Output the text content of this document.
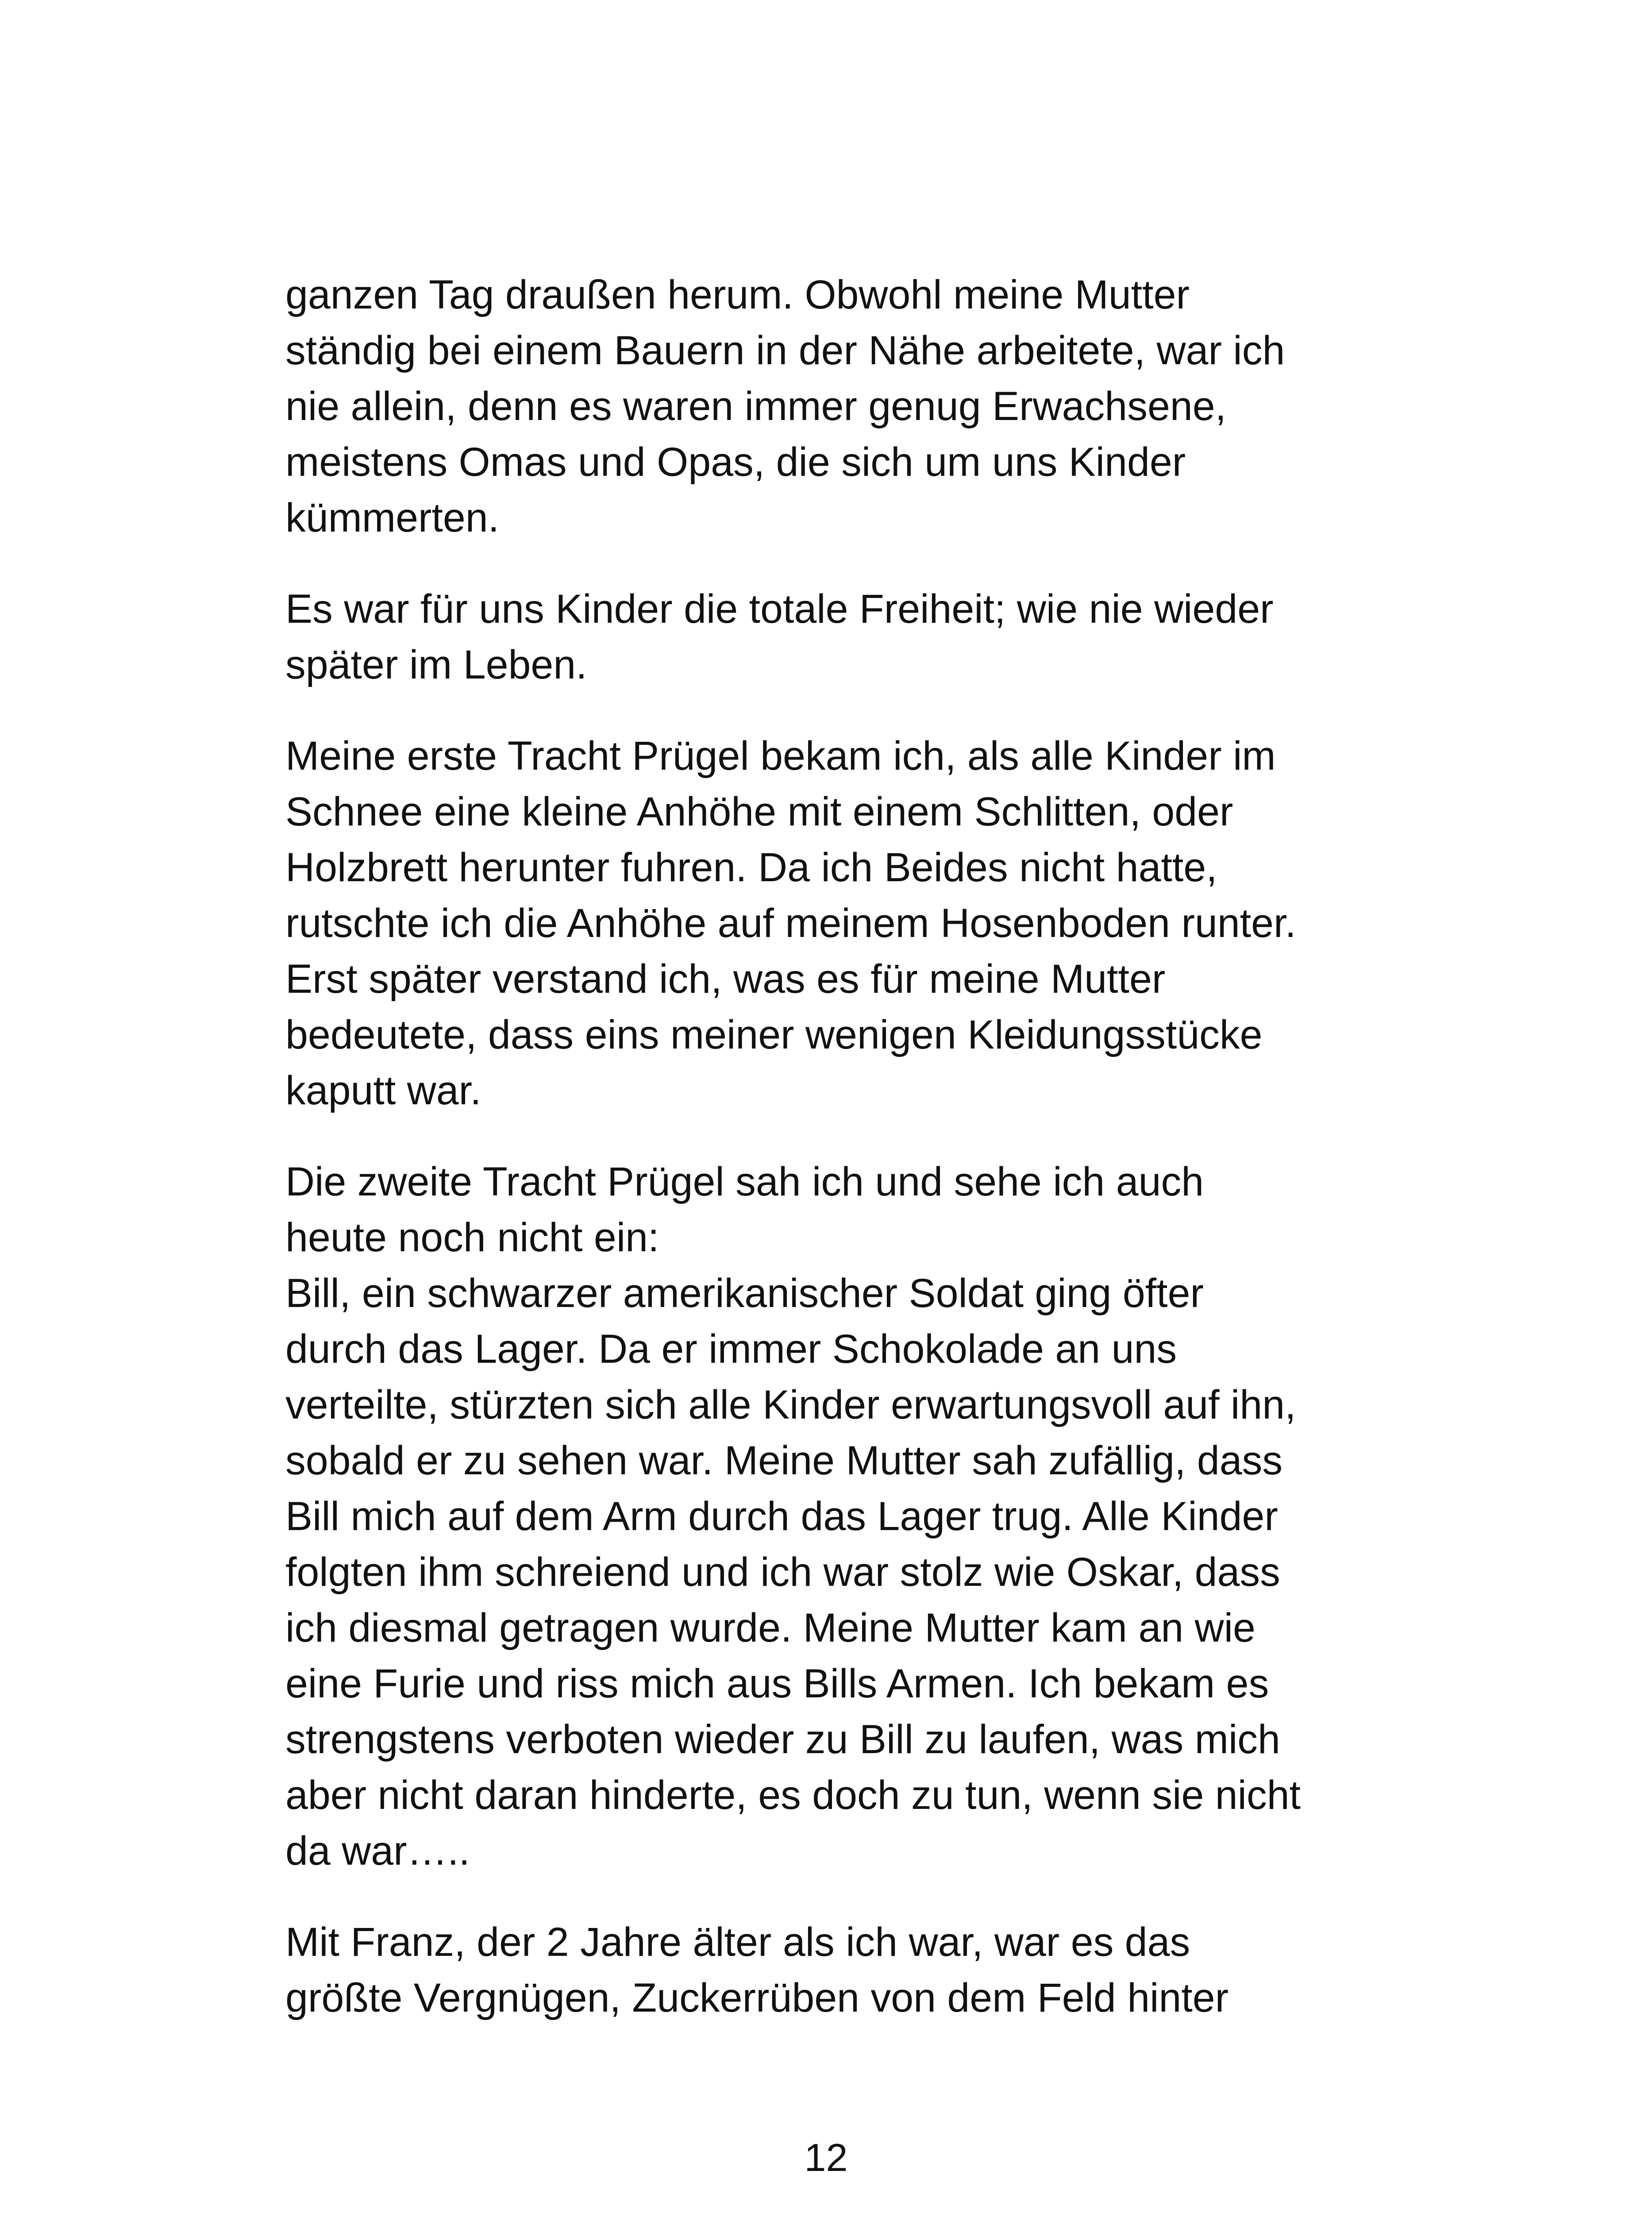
ganzen Tag draußen herum. Obwohl meine Mutter
ständig bei einem Bauern in der Nähe arbeitete, war ich
nie allein, denn es waren immer genug Erwachsene,
meistens Omas und Opas, die sich um uns Kinder
kümmerten.

Es war für uns Kinder die totale Freiheit; wie nie wieder
später im Leben.

Meine erste Tracht Prügel bekam ich, als alle Kinder im
Schnee eine kleine Anhöhe mit einem Schlitten, oder
Holzbrett herunter fuhren. Da ich Beides nicht hatte,
rutschte ich die Anhöhe auf meinem Hosenboden runter.
Erst später verstand ich, was es für meine Mutter
bedeutete, dass eins meiner wenigen Kleidungsstücke
kaputt war.

Die zweite Tracht Prügel sah ich und sehe ich auch
heute noch nicht ein:
Bill, ein schwarzer amerikanischer Soldat ging öfter
durch das Lager. Da er immer Schokolade an uns
verteilte, stürzten sich alle Kinder erwartungsvoll auf ihn,
sobald er zu sehen war. Meine Mutter sah zufällig, dass
Bill mich auf dem Arm durch das Lager trug. Alle Kinder
folgten ihm schreiend und ich war stolz wie Oskar, dass
ich diesmal getragen wurde. Meine Mutter kam an wie
eine Furie und riss mich aus Bills Armen. Ich bekam es
strengstens verboten wieder zu Bill zu laufen, was mich
aber nicht daran hinderte, es doch zu tun, wenn sie nicht
da war…..

Mit Franz, der 2 Jahre älter als ich war, war es das
größte Vergnügen, Zuckerrüben von dem Feld hinter

12
